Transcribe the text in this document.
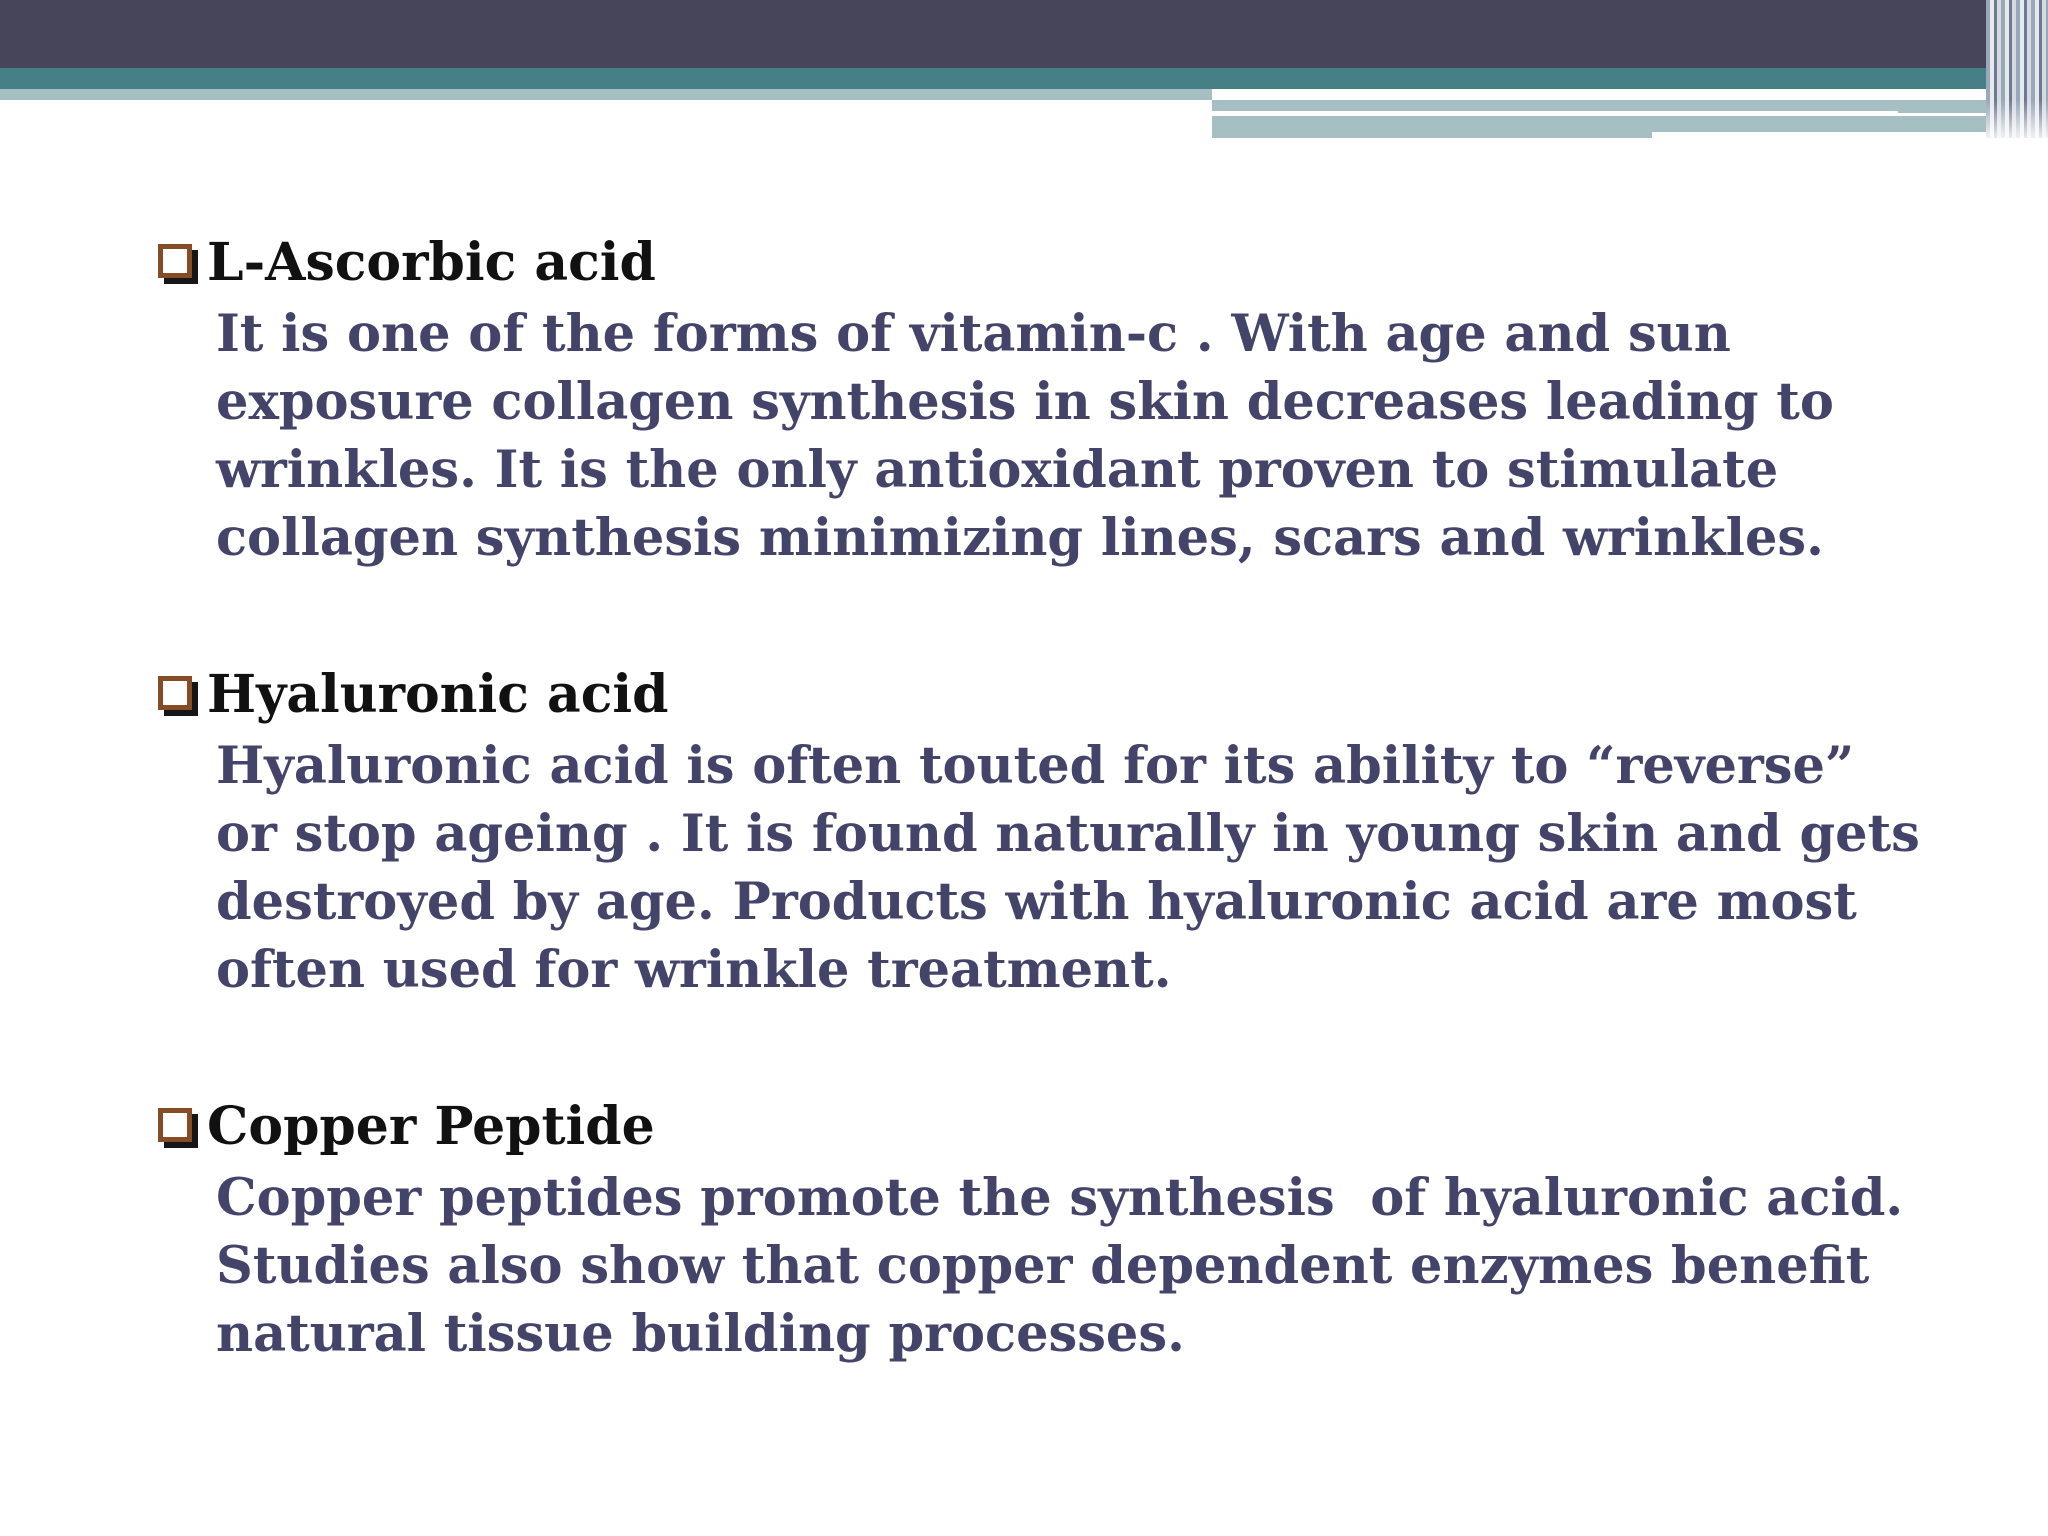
L-Ascorbic acid
It is one of the forms of vitamin-c . With age and sun
exposure collagen synthesis in skin decreases leading to
wrinkles. It is the only antioxidant proven to stimulate
collagen synthesis minimizing lines, scars and wrinkles.
Hyaluronic acid
Hyaluronic acid is often touted for its ability to “reverse”
or stop ageing . It is found naturally in young skin and gets
destroyed by age. Products with hyaluronic acid are most
often used for wrinkle treatment.
Copper Peptide
Copper peptides promote the synthesis  of hyaluronic acid.
Studies also show that copper dependent enzymes benefit
natural tissue building processes.
